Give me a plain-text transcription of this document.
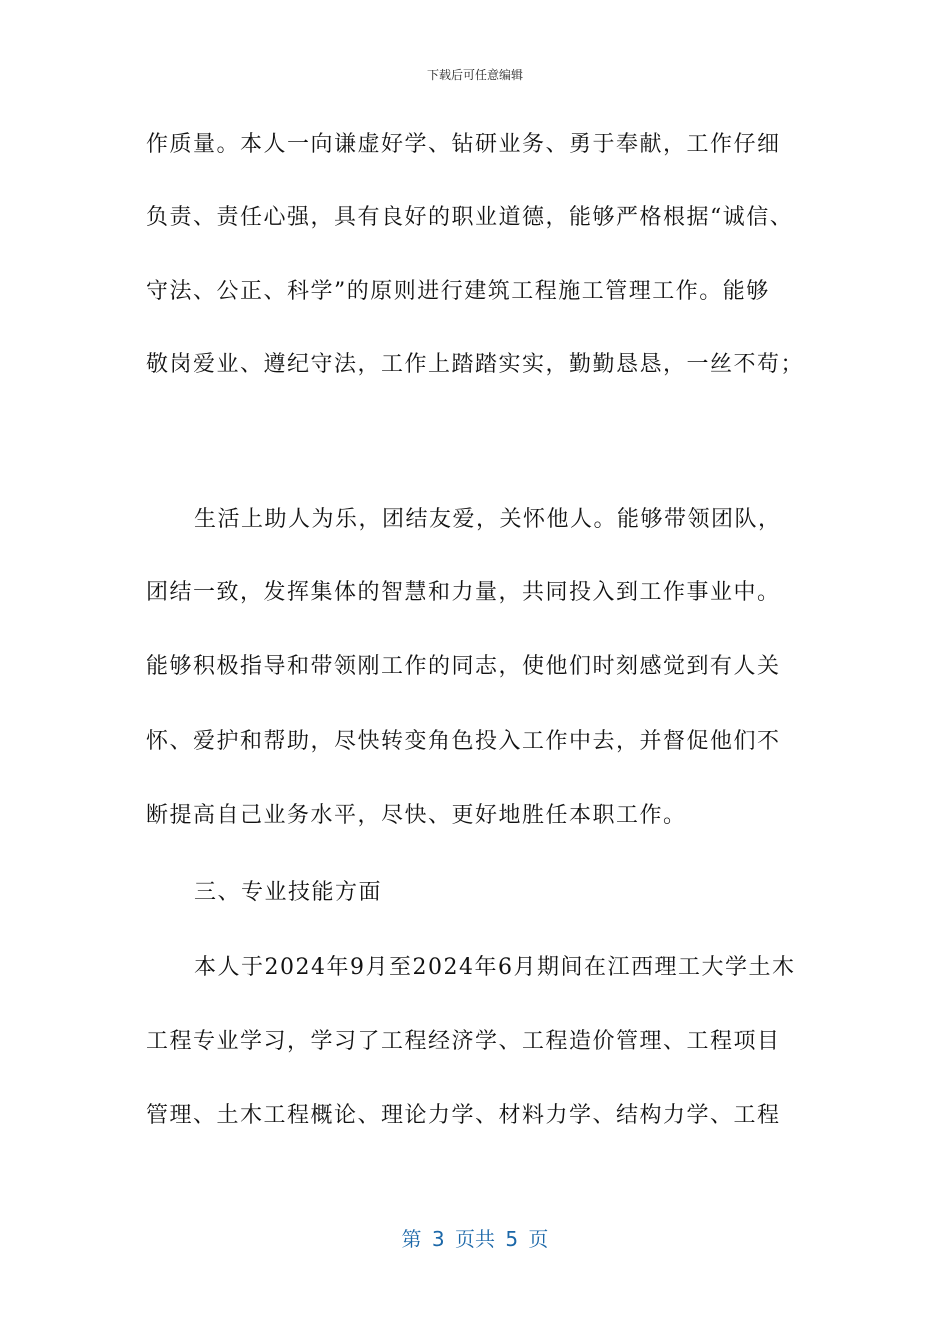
下载后可任意编辑
作质量。本人一向谦虚好学、钻研业务、勇于奉献，工作仔细
负责、责任心强，具有良好的职业道德，能够严格根据“诚信、
守法、公正、科学”的原则进行建筑工程施工管理工作。能够
敬岗爱业、遵纪守法，工作上踏踏实实，勤勤恳恳，一丝不苟；
生活上助人为乐，团结友爱，关怀他人。能够带领团队，
团结一致，发挥集体的智慧和力量，共同投入到工作事业中。
能够积极指导和带领刚工作的同志，使他们时刻感觉到有人关
怀、爱护和帮助，尽快转变角色投入工作中去，并督促他们不
断提高自己业务水平，尽快、更好地胜任本职工作。
三、专业技能方面
本人于2024年9月至2024年6月期间在江西理工大学土木
工程专业学习，学习了工程经济学、工程造价管理、工程项目
管理、土木工程概论、理论力学、材料力学、结构力学、工程
第 3 页共 5 页
